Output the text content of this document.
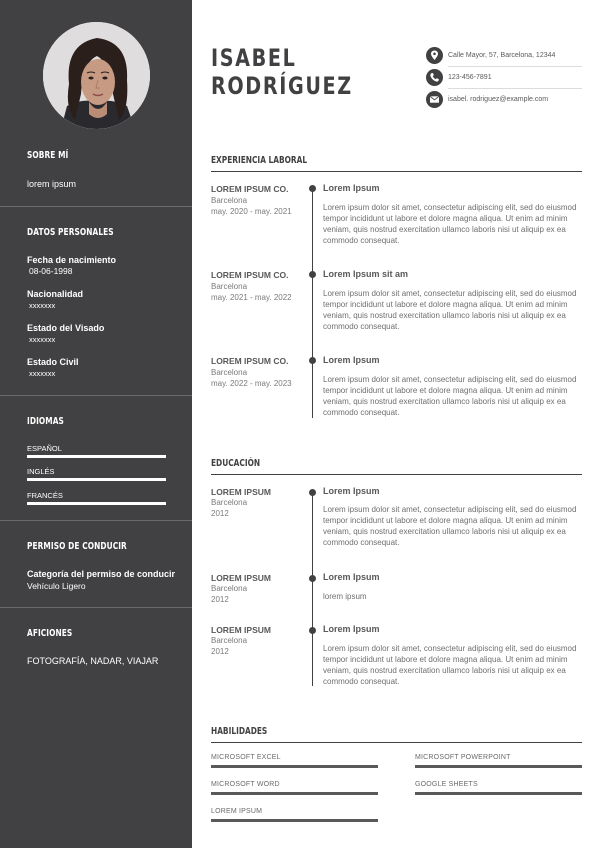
SOBRE MÍ
lorem ipsum
DATOS PERSONALES
Fecha de nacimiento
08-06-1998
Nacionalidad
xxxxxxx
Estado del Visado
xxxxxxx
Estado Civil
xxxxxxx
IDIOMAS
ESPAÑOL
INGLÉS
FRANCÉS
PERMISO DE CONDUCIR
Categoría del permiso de conducir
Vehículo Ligero
AFICIONES
FOTOGRAFÍA, NADAR, VIAJAR
ISABEL
RODRÍGUEZ
Calle Mayor, 57, Barcelona, 12344
123-456-7891
isabel. rodriguez@example.com
EXPERIENCIA LABORAL
LOREM IPSUM CO.
Barcelona
may. 2020 - may. 2021
Lorem Ipsum
Lorem ipsum dolor sit amet, consectetur adipiscing elit, sed do eiusmod tempor incididunt ut labore et dolore magna aliqua. Ut enim ad minim veniam, quis nostrud exercitation ullamco laboris nisi ut aliquip ex ea commodo consequat.
LOREM IPSUM CO.
Barcelona
may. 2021 - may. 2022
Lorem Ipsum sit am
Lorem ipsum dolor sit amet, consectetur adipiscing elit, sed do eiusmod tempor incididunt ut labore et dolore magna aliqua. Ut enim ad minim veniam, quis nostrud exercitation ullamco laboris nisi ut aliquip ex ea commodo consequat.
LOREM IPSUM CO.
Barcelona
may. 2022 - may. 2023
Lorem Ipsum
Lorem ipsum dolor sit amet, consectetur adipiscing elit, sed do eiusmod tempor incididunt ut labore et dolore magna aliqua. Ut enim ad minim veniam, quis nostrud exercitation ullamco laboris nisi ut aliquip ex ea commodo consequat.
EDUCACIÓN
LOREM IPSUM
Barcelona
2012
Lorem Ipsum
Lorem ipsum dolor sit amet, consectetur adipiscing elit, sed do eiusmod tempor incididunt ut labore et dolore magna aliqua. Ut enim ad minim veniam, quis nostrud exercitation ullamco laboris nisi ut aliquip ex ea commodo consequat.
LOREM IPSUM
Barcelona
2012
Lorem Ipsum
lorem ipsum
LOREM IPSUM
Barcelona
2012
Lorem Ipsum
Lorem ipsum dolor sit amet, consectetur adipiscing elit, sed do eiusmod tempor incididunt ut labore et dolore magna aliqua. Ut enim ad minim veniam, quis nostrud exercitation ullamco laboris nisi ut aliquip ex ea commodo consequat.
HABILIDADES
MICROSOFT EXCEL	MICROSOFT POWERPOINT
MICROSOFT WORD	GOOGLE SHEETS
LOREM IPSUM
